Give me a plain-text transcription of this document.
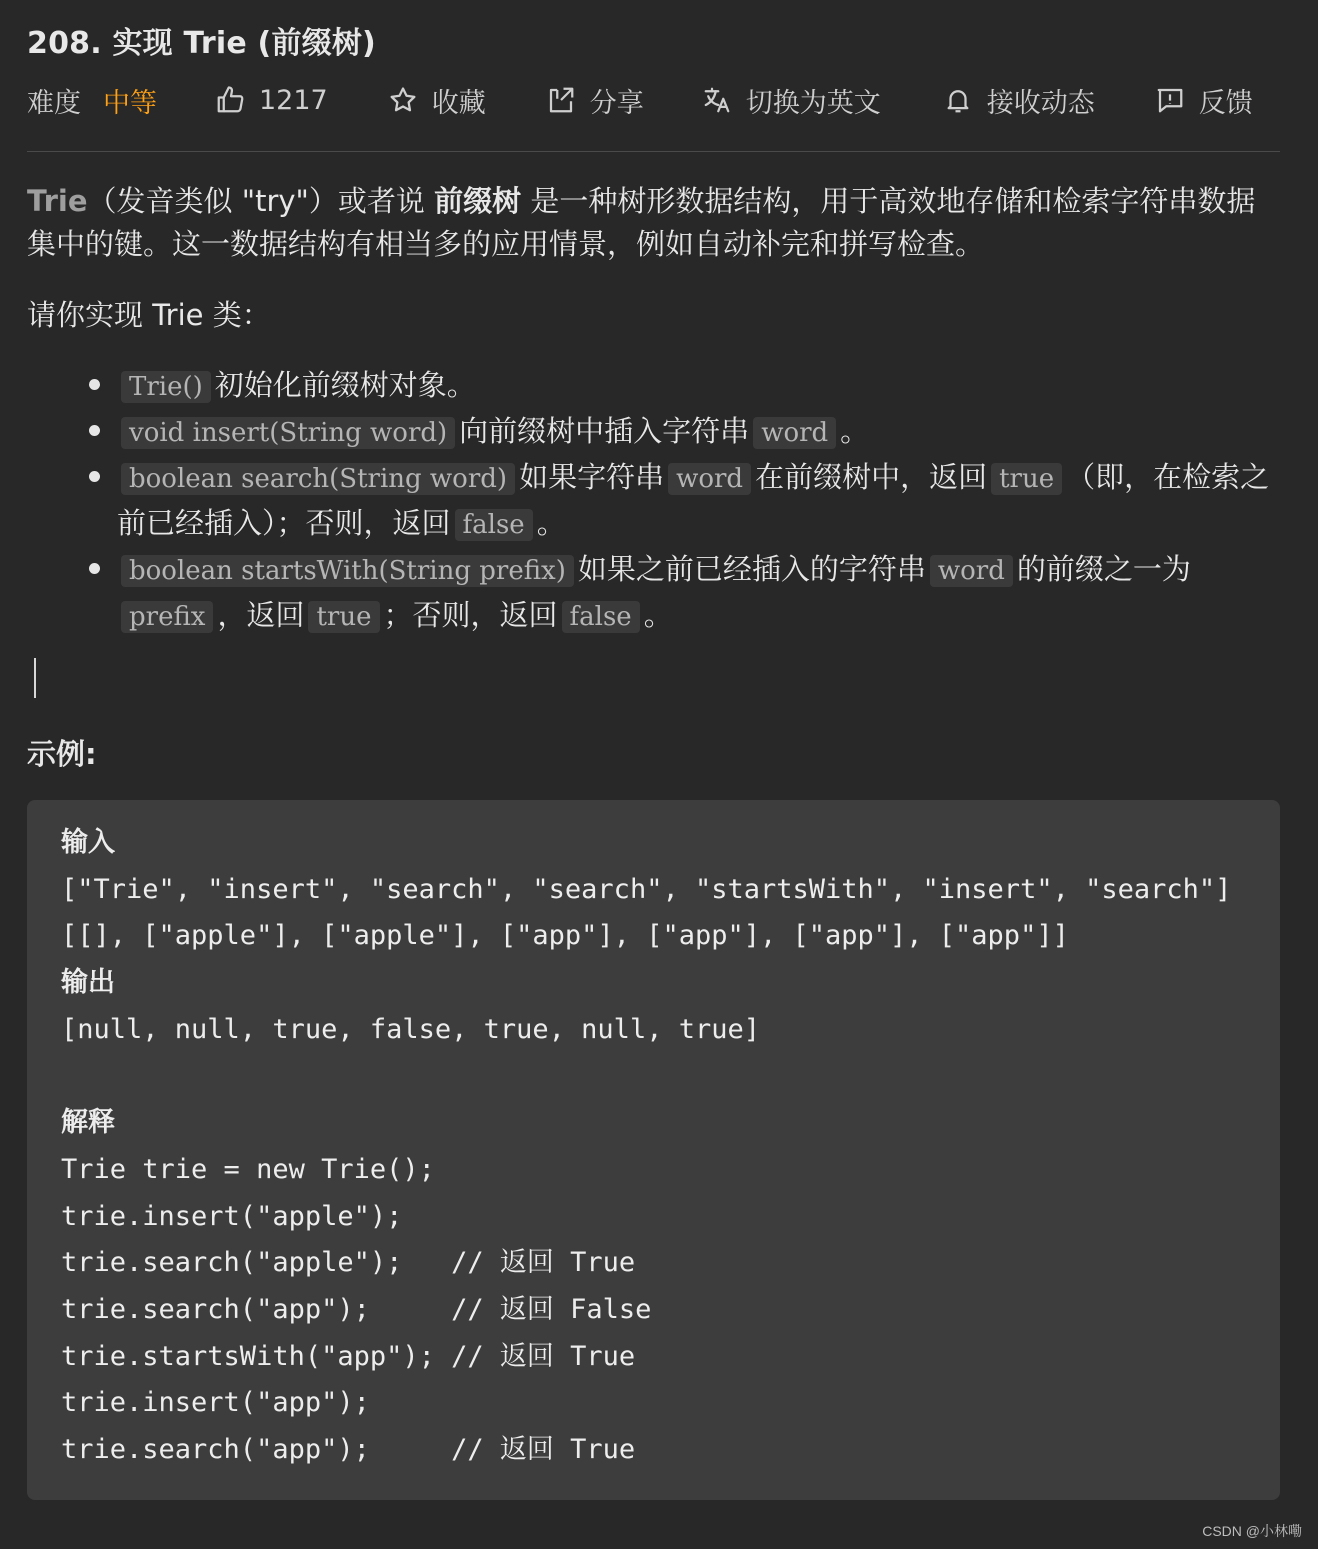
208. 实现 Trie (前缀树)
难度 中等	1217	收藏	分享	切换为英文	接收动态	反馈

Trie（发音类似 "try"）或者说 前缀树 是一种树形数据结构，用于高效地存储和检索字符串数据集中的键。这一数据结构有相当多的应用情景，例如自动补完和拼写检查。

请你实现 Trie 类：

Trie() 初始化前缀树对象。
void insert(String word) 向前缀树中插入字符串 word 。
boolean search(String word) 如果字符串 word 在前缀树中，返回 true （即，在检索之前已经插入）；否则，返回 false 。
boolean startsWith(String prefix) 如果之前已经插入的字符串 word 的前缀之一为prefix ，返回 true ；否则，返回 false 。
示例:
输入
["Trie", "insert", "search", "search", "startsWith", "insert", "search"]
[[], ["apple"], ["apple"], ["app"], ["app"], ["app"], ["app"]]
输出
[null, null, true, false, true, null, true]
解释
Trie trie = new Trie();
trie.insert("apple");
trie.search("apple");   // 返回 True
trie.search("app");     // 返回 False
trie.startsWith("app"); // 返回 True
trie.insert("app");
trie.search("app");     // 返回 True
CSDN @小林嘞
